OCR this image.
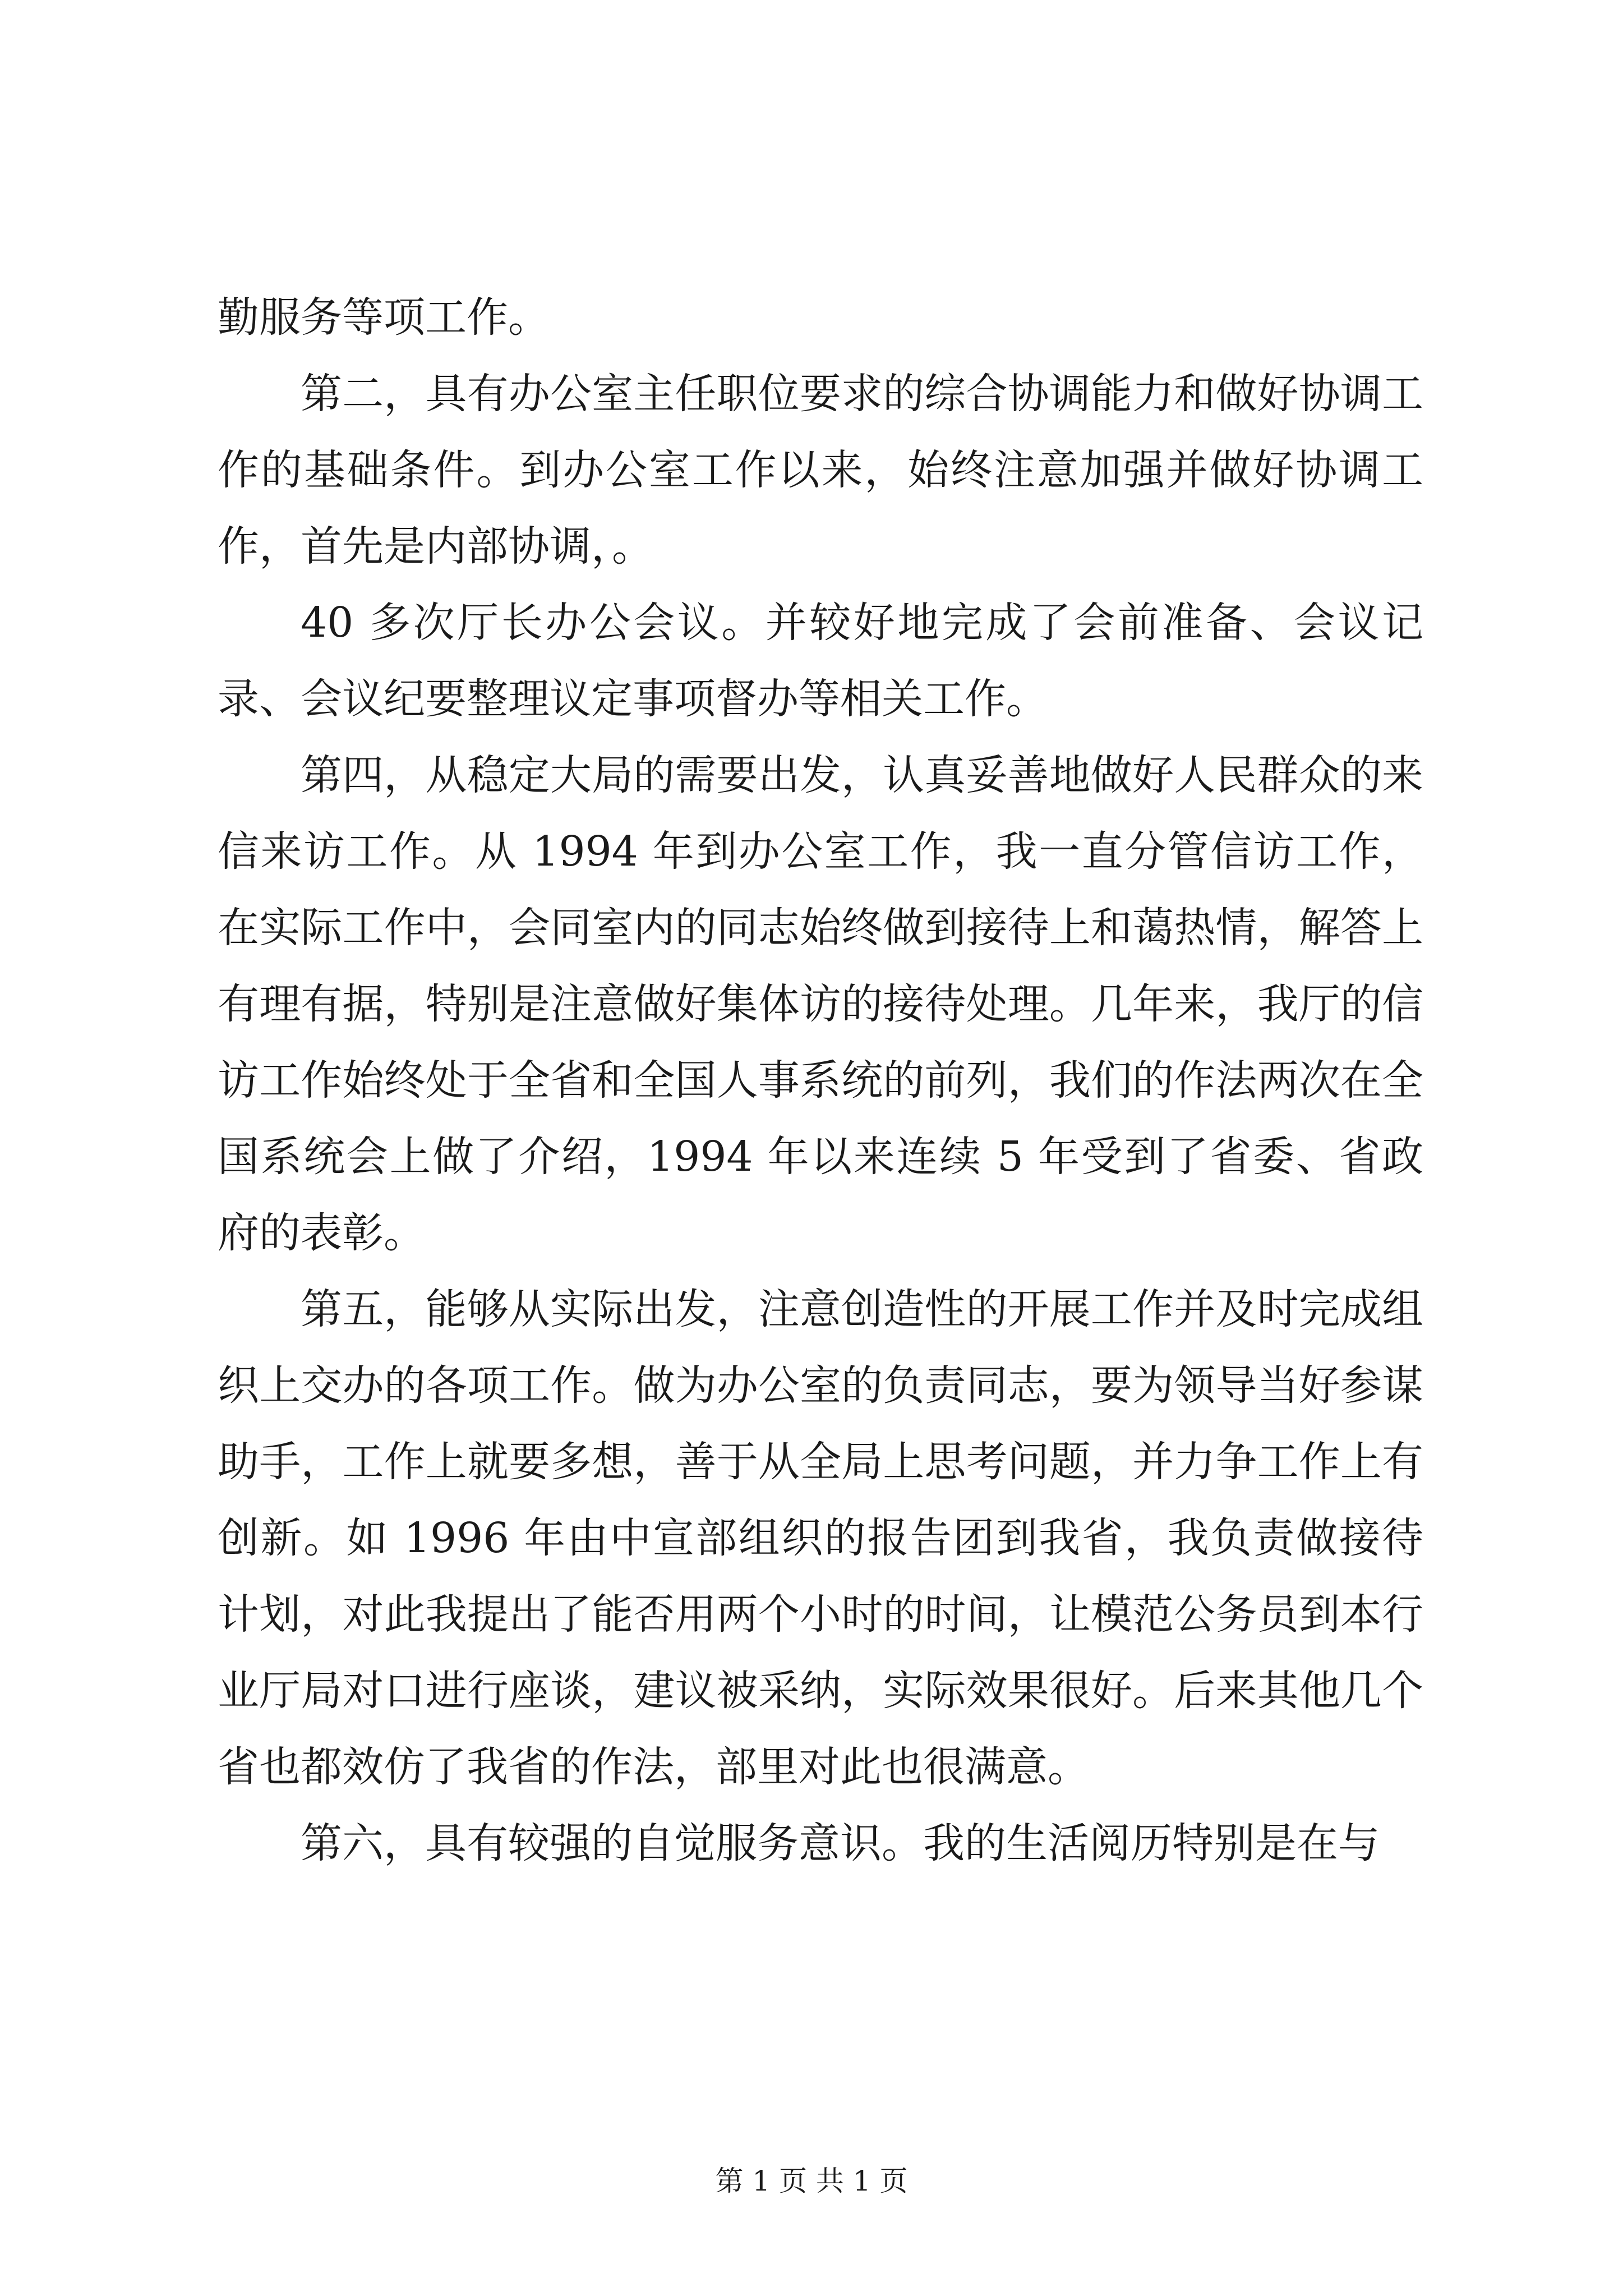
勤服务等项工作。

第二，具有办公室主任职位要求的综合协调能力和做好协调工作的基础条件。到办公室工作以来，始终注意加强并做好协调工作，首先是内部协调，。

40 多次厅长办公会议。并较好地完成了会前准备、会议记录、会议纪要整理议定事项督办等相关工作。

第四，从稳定大局的需要出发，认真妥善地做好人民群众的来信来访工作。从 1994 年到办公室工作，我一直分管信访工作，在实际工作中，会同室内的同志始终做到接待上和蔼热情，解答上有理有据，特别是注意做好集体访的接待处理。几年来，我厅的信访工作始终处于全省和全国人事系统的前列，我们的作法两次在全国系统会上做了介绍，1994 年以来连续 5 年受到了省委、省政府的表彰。

第五，能够从实际出发，注意创造性的开展工作并及时完成组织上交办的各项工作。做为办公室的负责同志，要为领导当好参谋助手，工作上就要多想，善于从全局上思考问题，并力争工作上有创新。如 1996 年由中宣部组织的报告团到我省，我负责做接待计划，对此我提出了能否用两个小时的时间，让模范公务员到本行业厅局对口进行座谈，建议被采纳，实际效果很好。后来其他几个省也都效仿了我省的作法，部里对此也很满意。

第六，具有较强的自觉服务意识。我的生活阅历特别是在与

第 1 页 共 1 页
